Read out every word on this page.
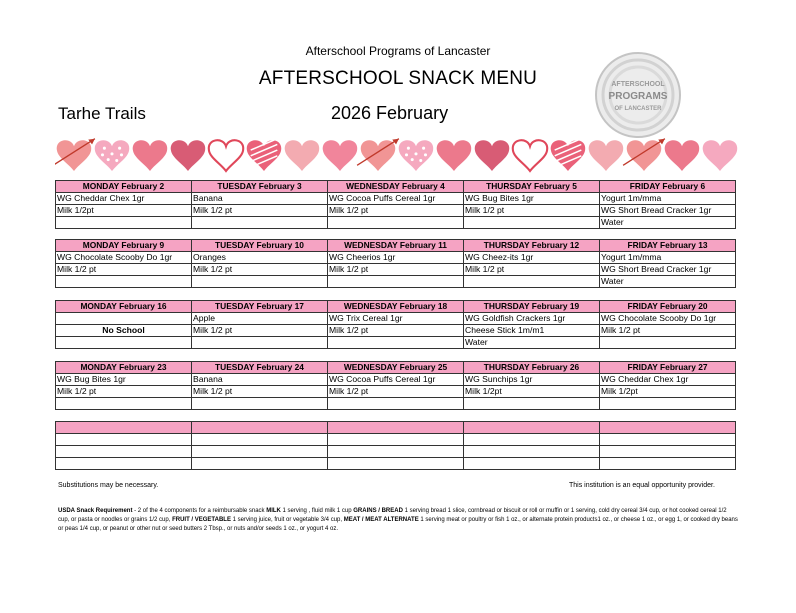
Afterschool Programs of Lancaster
AFTERSCHOOL SNACK MENU
Tarhe Trails	2026 February
AFTERSCHOOL
PROGRAMS
OF LANCASTER
MONDAY February 2	TUESDAY February 3	WEDNESDAY February 4	THURSDAY February 5	FRIDAY February 6
WG Cheddar Chex 1gr	Banana	WG Cocoa Puffs Cereal 1gr	WG Bug Bites 1gr	Yogurt 1m/mma
Milk 1/2pt	Milk 1/2 pt	Milk 1/2 pt	Milk 1/2 pt	WG Short Bread Cracker 1gr
				Water
MONDAY February 9	TUESDAY February 10	WEDNESDAY February 11	THURSDAY February 12	FRIDAY February 13
WG Chocolate Scooby Do 1gr	Oranges	WG Cheerios 1gr	WG Cheez-its 1gr	Yogurt 1m/mma
Milk 1/2 pt	Milk 1/2 pt	Milk 1/2 pt	Milk 1/2 pt	WG Short Bread Cracker 1gr
				Water
MONDAY February 16	TUESDAY February 17	WEDNESDAY February 18	THURSDAY February 19	FRIDAY February 20
	Apple	WG Trix Cereal 1gr	WG Goldfish Crackers 1gr	WG Chocolate Scooby Do 1gr
No School	Milk 1/2 pt	Milk 1/2 pt	Cheese Stick 1m/m1	Milk 1/2 pt
			Water	
MONDAY February 23	TUESDAY February 24	WEDNESDAY February 25	THURSDAY February 26	FRIDAY February 27
WG Bug Bites 1gr	Banana	WG Cocoa Puffs Cereal 1gr	WG Sunchips 1gr	WG Cheddar Chex 1gr
Milk 1/2 pt	Milk 1/2 pt	Milk 1/2 pt	Milk 1/2pt	Milk 1/2pt

Substitutions may be necessary.	This institution is an equal opportunity provider.
USDA Snack Requirement - 2 of the 4 components for a reimbursable snack MILK 1 serving , fluid milk 1 cup GRAINS / BREAD 1 serving bread 1 slice, cornbread or biscuit or roll or muffin or 1 serving, cold dry cereal 3/4 cup, or hot cooked cereal 1/2 cup, or pasta or noodles or grains 1/2 cup, FRUIT / VEGETABLE 1 serving juice, fruit or vegetable 3/4 cup, MEAT / MEAT ALTERNATE 1 serving meat or poultry or fish 1 oz., or alternate protein products1 oz., or cheese 1 oz., or egg 1, or cooked dry beans or peas 1/4 cup, or peanut or other nut or seed butters 2 Tbsp., or nuts and/or seeds 1 oz., or yogurt 4 oz.
